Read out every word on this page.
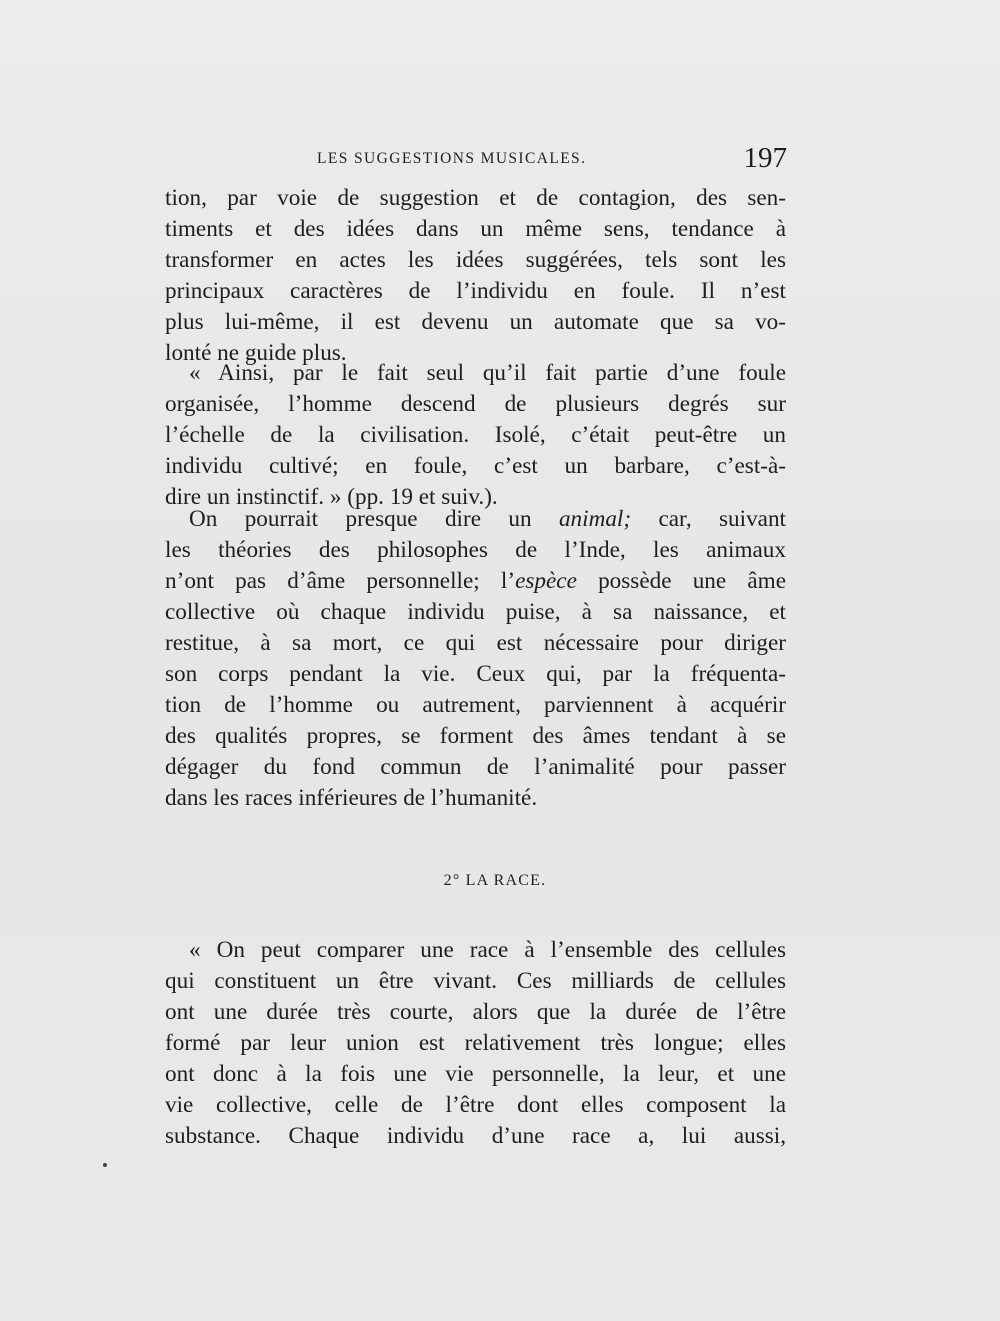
LES SUGGESTIONS MUSICALES.	197
tion, par voie de suggestion et de contagion, des sen-
timents et des idées dans un même sens, tendance à
transformer en actes les idées suggérées, tels sont les
principaux caractères de l’individu en foule. Il n’est
plus lui-même, il est devenu un automate que sa vo-
lonté ne guide plus.
« Ainsi, par le fait seul qu’il fait partie d’une foule
organisée, l’homme descend de plusieurs degrés sur
l’échelle de la civilisation. Isolé, c’était peut-être un
individu cultivé; en foule, c’est un barbare, c’est-à-
dire un instinctif. » (pp. 19 et suiv.).
On pourrait presque dire un animal; car, suivant
les théories des philosophes de l’Inde, les animaux
n’ont pas d’âme personnelle; l’espèce possède une âme
collective où chaque individu puise, à sa naissance, et
restitue, à sa mort, ce qui est nécessaire pour diriger
son corps pendant la vie. Ceux qui, par la fréquenta-
tion de l’homme ou autrement, parviennent à acquérir
des qualités propres, se forment des âmes tendant à se
dégager du fond commun de l’animalité pour passer
dans les races inférieures de l’humanité.
2° LA RACE.
« On peut comparer une race à l’ensemble des cellules
qui constituent un être vivant. Ces milliards de cellules
ont une durée très courte, alors que la durée de l’être
formé par leur union est relativement très longue; elles
ont donc à la fois une vie personnelle, la leur, et une
vie collective, celle de l’être dont elles composent la
substance. Chaque individu d’une race a, lui aussi,
